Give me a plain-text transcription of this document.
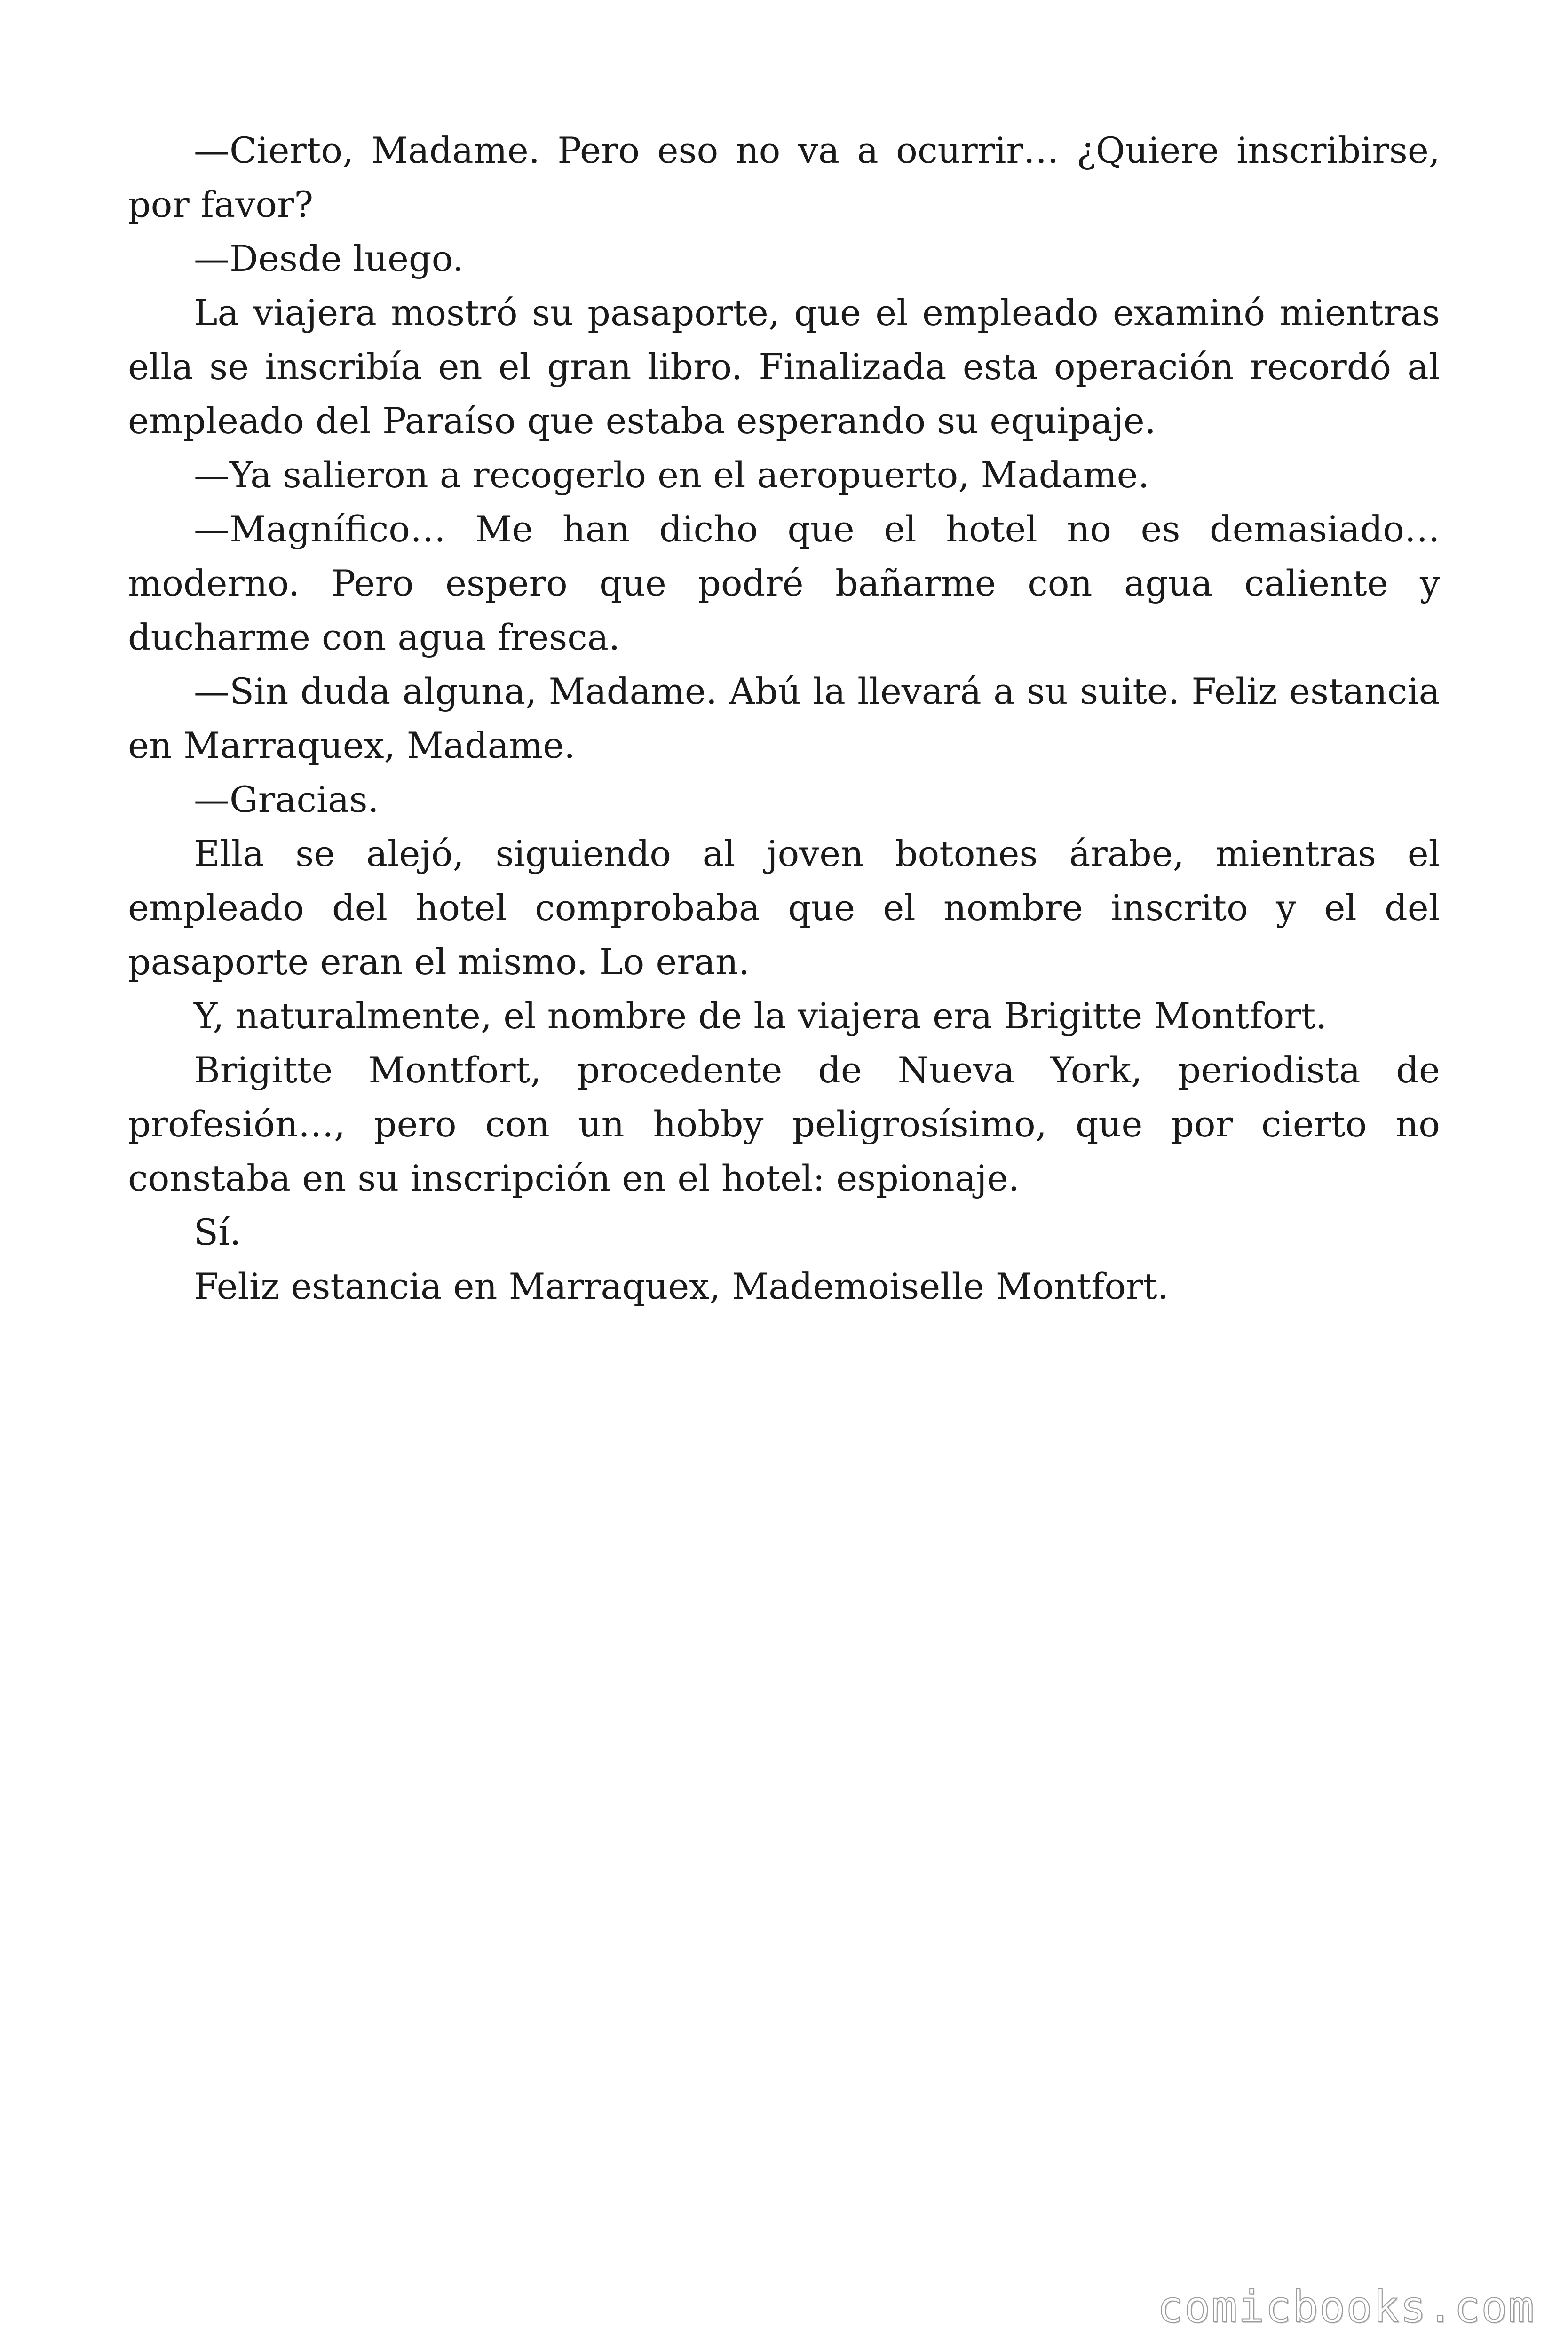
—Cierto, Madame. Pero eso no va a ocurrir… ¿Quiere inscribirse, por favor?

—Desde luego.

La viajera mostró su pasaporte, que el empleado examinó mientras ella se inscribía en el gran libro. Finalizada esta operación recordó al empleado del Paraíso que estaba esperando su equipaje.

—Ya salieron a recogerlo en el aeropuerto, Madame.

—Magnífico… Me han dicho que el hotel no es demasiado… moderno. Pero espero que podré bañarme con agua caliente y ducharme con agua fresca.

—Sin duda alguna, Madame. Abú la llevará a su suite. Feliz estancia en Marraquex, Madame.

—Gracias.

Ella se alejó, siguiendo al joven botones árabe, mientras el empleado del hotel comprobaba que el nombre inscrito y el del pasaporte eran el mismo. Lo eran.

Y, naturalmente, el nombre de la viajera era Brigitte Montfort.

Brigitte Montfort, procedente de Nueva York, periodista de profesión…, pero con un hobby peligrosísimo, que por cierto no constaba en su inscripción en el hotel: espionaje.

Sí.

Feliz estancia en Marraquex, Mademoiselle Montfort.

comicbooks.com
